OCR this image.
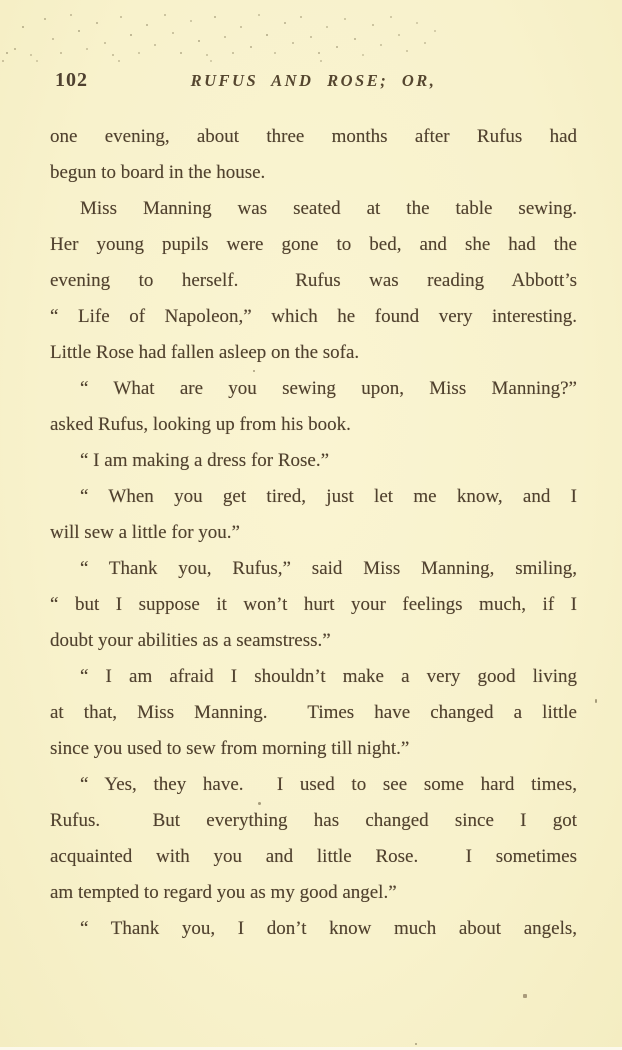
102	RUFUS AND ROSE; OR,
one evening, about three months after Rufus had
begun to board in the house.
Miss Manning was seated at the table sewing.
Her young pupils were gone to bed, and she had the
evening to herself.  Rufus was reading Abbott’s
“ Life of Napoleon,” which he found very interesting.
Little Rose had fallen asleep on the sofa.
“ What are you sewing upon, Miss Manning?”
asked Rufus, looking up from his book.
“ I am making a dress for Rose.”
“ When you get tired, just let me know, and I
will sew a little for you.”
“ Thank you, Rufus,” said Miss Manning, smiling,
“ but I suppose it won’t hurt your feelings much, if I
doubt your abilities as a seamstress.”
“ I am afraid I shouldn’t make a very good living
at that, Miss Manning.  Times have changed a little
since you used to sew from morning till night.”
“ Yes, they have.  I used to see some hard times,
Rufus.  But everything has changed since I got
acquainted with you and little Rose.  I sometimes
am tempted to regard you as my good angel.”
“ Thank you, I don’t know much about angels,
